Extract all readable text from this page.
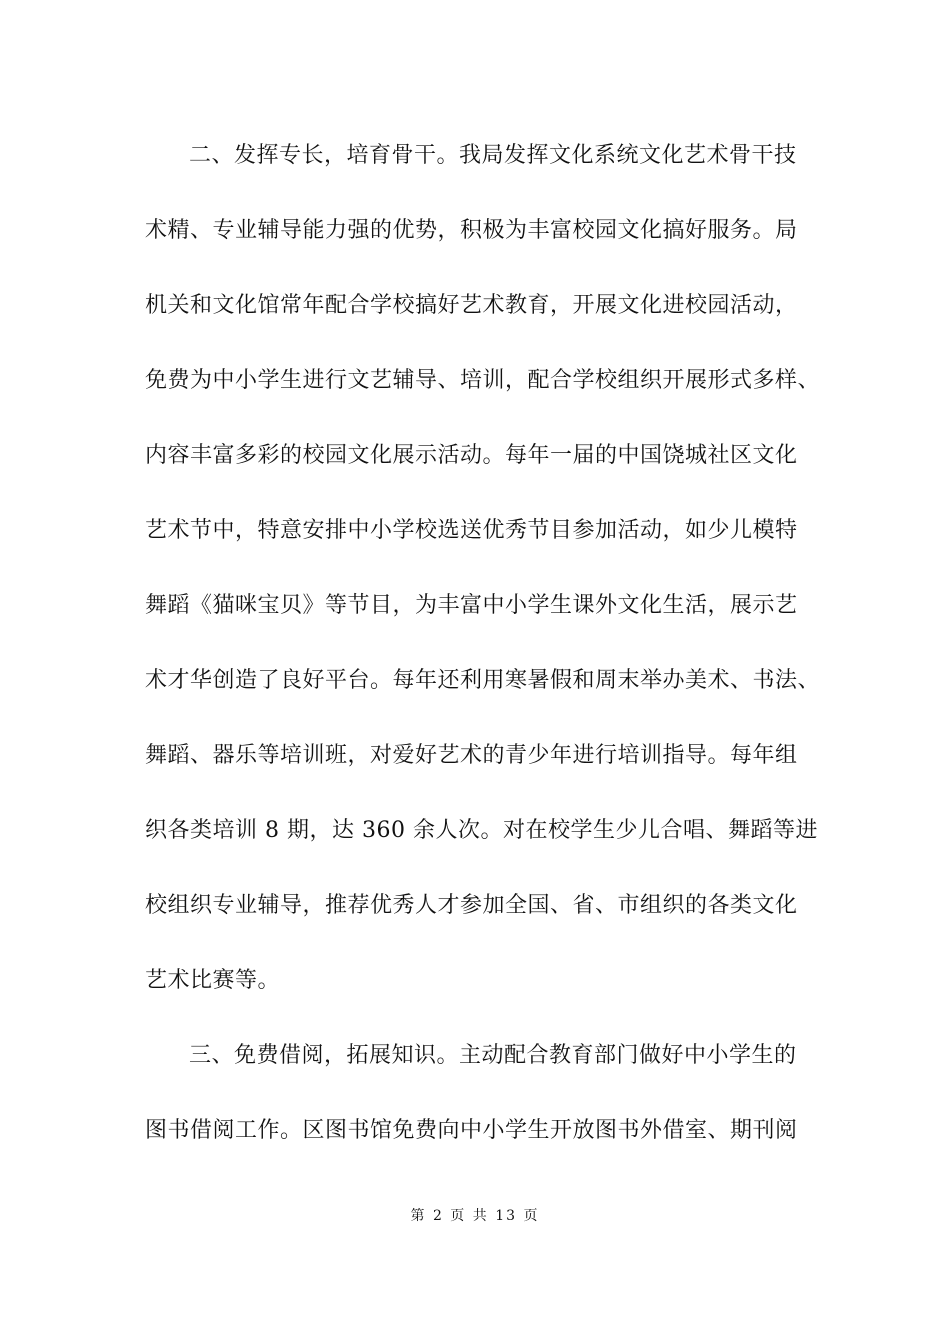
二、发挥专长，培育骨干。我局发挥文化系统文化艺术骨干技
术精、专业辅导能力强的优势，积极为丰富校园文化搞好服务。局
机关和文化馆常年配合学校搞好艺术教育，开展文化进校园活动，
免费为中小学生进行文艺辅导、培训，配合学校组织开展形式多样、
内容丰富多彩的校园文化展示活动。每年一届的中国饶城社区文化
艺术节中，特意安排中小学校选送优秀节目参加活动，如少儿模特
舞蹈《猫咪宝贝》等节目，为丰富中小学生课外文化生活，展示艺
术才华创造了良好平台。每年还利用寒暑假和周末举办美术、书法、
舞蹈、器乐等培训班，对爱好艺术的青少年进行培训指导。每年组
织各类培训 8 期，达 360 余人次。对在校学生少儿合唱、舞蹈等进
校组织专业辅导，推荐优秀人才参加全国、省、市组织的各类文化
艺术比赛等。
三、免费借阅，拓展知识。主动配合教育部门做好中小学生的
图书借阅工作。区图书馆免费向中小学生开放图书外借室、期刊阅
第 2 页 共 13 页
